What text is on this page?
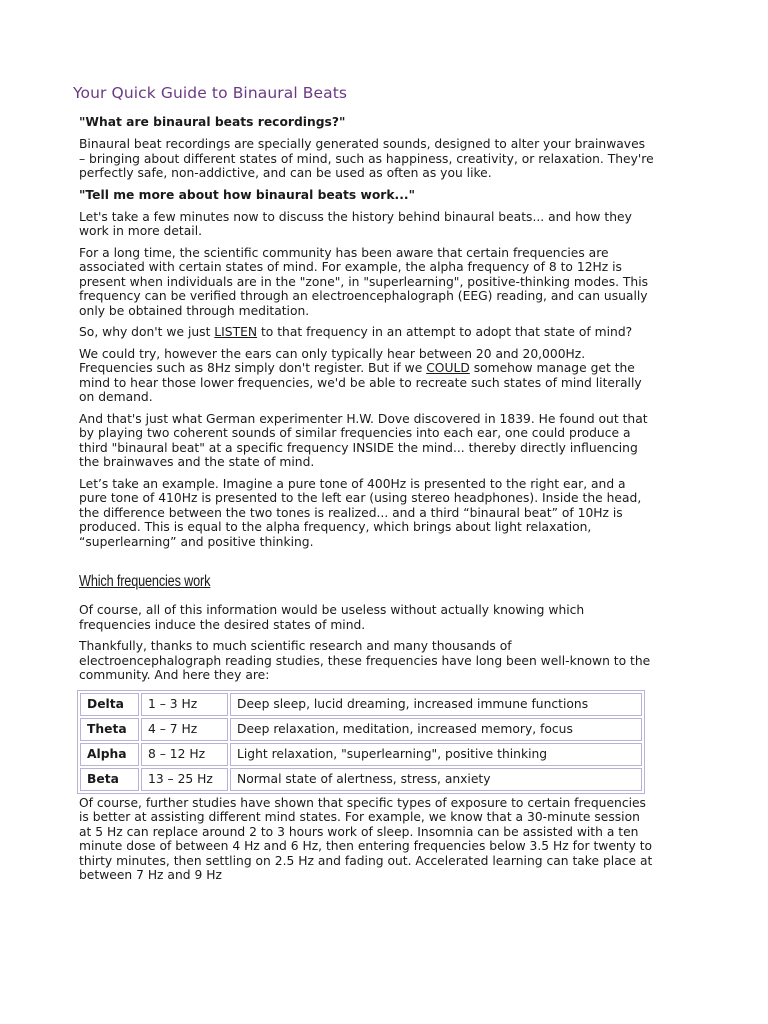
Your Quick Guide to Binaural Beats
"What are binaural beats recordings?"

Binaural beat recordings are specially generated sounds, designed to alter your brainwaves – bringing about different states of mind, such as happiness, creativity, or relaxation. They're perfectly safe, non-addictive, and can be used as often as you like.

"Tell me more about how binaural beats work..."

Let's take a few minutes now to discuss the history behind binaural beats... and how they work in more detail.

For a long time, the scientific community has been aware that certain frequencies are associated with certain states of mind. For example, the alpha frequency of 8 to 12Hz is present when individuals are in the "zone", in "superlearning", positive-thinking modes. This frequency can be verified through an electroencephalograph (EEG) reading, and can usually only be obtained through meditation.

So, why don't we just LISTEN to that frequency in an attempt to adopt that state of mind?

We could try, however the ears can only typically hear between 20 and 20,000Hz. Frequencies such as 8Hz simply don't register. But if we COULD somehow manage get the mind to hear those lower frequencies, we'd be able to recreate such states of mind literally on demand.

And that's just what German experimenter H.W. Dove discovered in 1839. He found out that by playing two coherent sounds of similar frequencies into each ear, one could produce a third "binaural beat" at a specific frequency INSIDE the mind... thereby directly influencing the brainwaves and the state of mind.

Let’s take an example. Imagine a pure tone of 400Hz is presented to the right ear, and a pure tone of 410Hz is presented to the left ear (using stereo headphones). Inside the head, the difference between the two tones is realized... and a third “binaural beat” of 10Hz is produced. This is equal to the alpha frequency, which brings about light relaxation, “superlearning” and positive thinking.

Which frequencies work

Of course, all of this information would be useless without actually knowing which frequencies induce the desired states of mind.

Thankfully, thanks to much scientific research and many thousands of electroencephalograph reading studies, these frequencies have long been well-known to the community. And here they are:

Delta	1 – 3 Hz	Deep sleep, lucid dreaming, increased immune functions
Theta	4 – 7 Hz	Deep relaxation, meditation, increased memory, focus
Alpha	8 – 12 Hz	Light relaxation, "superlearning", positive thinking
Beta	13 – 25 Hz	Normal state of alertness, stress, anxiety

Of course, further studies have shown that specific types of exposure to certain frequencies is better at assisting different mind states. For example, we know that a 30-minute session at 5 Hz can replace around 2 to 3 hours work of sleep. Insomnia can be assisted with a ten minute dose of between 4 Hz and 6 Hz, then entering frequencies below 3.5 Hz for twenty to thirty minutes, then settling on 2.5 Hz and fading out. Accelerated learning can take place at between 7 Hz and 9 Hz
